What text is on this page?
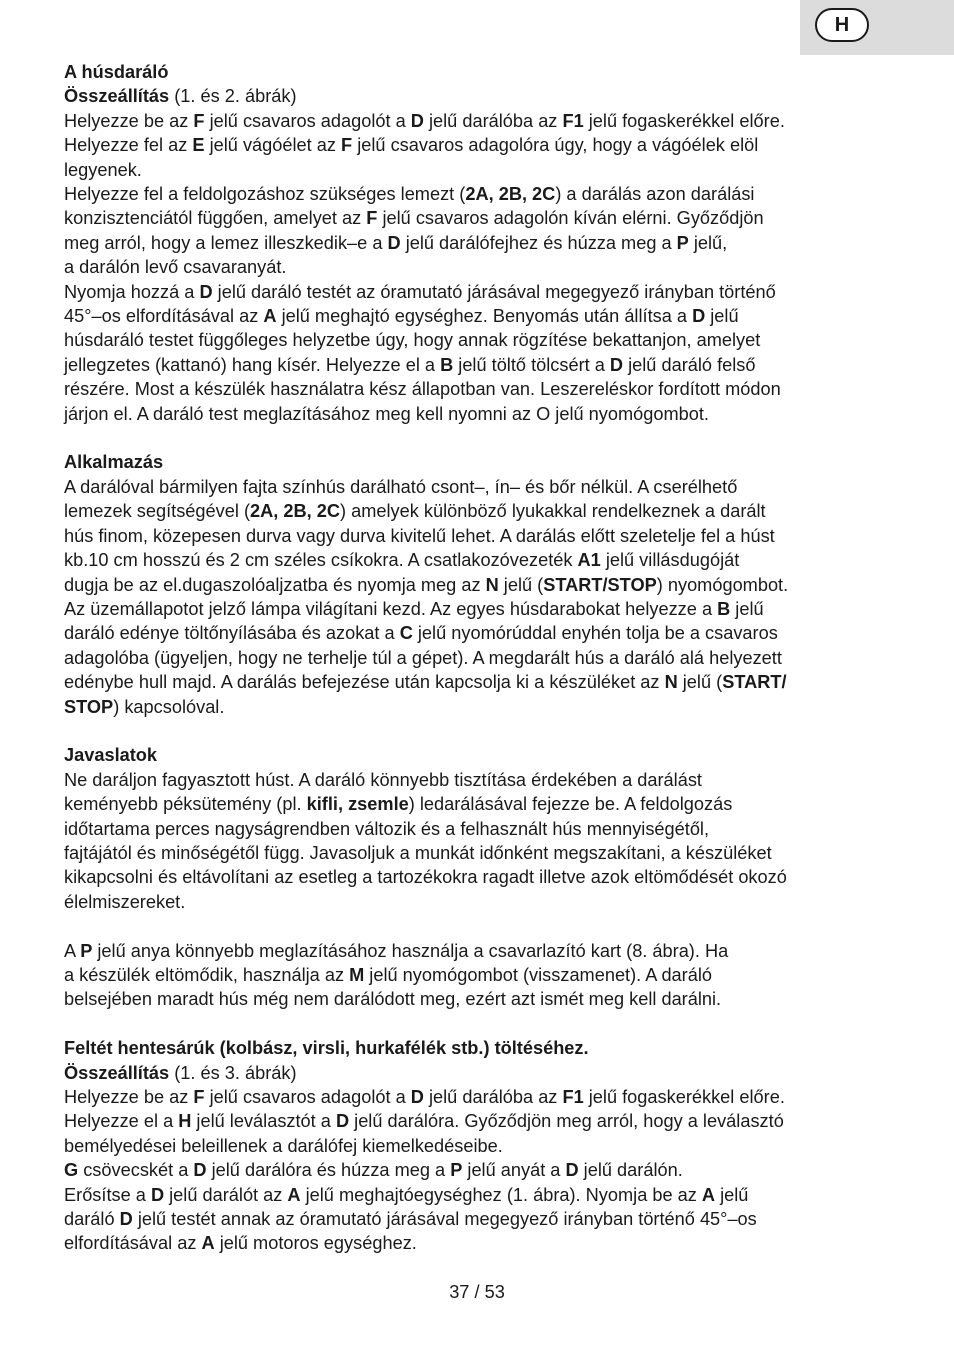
H

A húsdaráló

Összeállítás (1. és 2. ábrák)

Helyezze be az F jelű csavaros adagolót a D jelű darálóba az F1 jelű fogaskerékkel előre.

Helyezze fel az E jelű vágóélet az F jelű csavaros adagolóra úgy, hogy a vágóélek elöl

legyenek.

Helyezze fel a feldolgozáshoz szükséges lemezt (2A, 2B, 2C) a darálás azon darálási

konzisztenciától függően, amelyet az F jelű csavaros adagolón kíván elérni. Győződjön

meg arról, hogy a lemez illeszkedik–e a D jelű darálófejhez és húzza meg a P jelű,

a darálón levő csavaranyát.

Nyomja hozzá a D jelű daráló testét az óramutató járásával megegyező irányban történő

45°–os elfordításával az A jelű meghajtó egységhez. Benyomás után állítsa a D jelű

húsdaráló testet függőleges helyzetbe úgy, hogy annak rögzítése bekattanjon, amelyet

jellegzetes (kattanó) hang kísér. Helyezze el a B jelű töltő tölcsért a D jelű daráló felső

részére. Most a készülék használatra kész állapotban van. Leszereléskor fordított módon

járjon el. A daráló test meglazításához meg kell nyomni az O jelű nyomógombot.

Alkalmazás

A darálóval bármilyen fajta színhús darálható csont–, ín– és bőr nélkül. A cserélhető

lemezek segítségével (2A, 2B, 2C) amelyek különböző lyukakkal rendelkeznek a darált

hús finom, közepesen durva vagy durva kivitelű lehet. A darálás előtt szeletelje fel a húst

kb.10 cm hosszú és 2 cm széles csíkokra. A csatlakozóvezeték A1 jelű villásdugóját

dugja be az el.dugaszolóaljzatba és nyomja meg az N jelű (START/STOP) nyomógombot.

Az üzemállapotot jelző lámpa világítani kezd. Az egyes húsdarabokat helyezze a B jelű

daráló edénye töltőnyílásába és azokat a C jelű nyomórúddal enyhén tolja be a csavaros

adagolóba (ügyeljen, hogy ne terhelje túl a gépet). A megdarált hús a daráló alá helyezett

edénybe hull majd. A darálás befejezése után kapcsolja ki a készüléket az N jelű (START/

STOP) kapcsolóval.

Javaslatok

Ne daráljon fagyasztott húst. A daráló könnyebb tisztítása érdekében a darálást

keményebb péksütemény (pl. kifli, zsemle) ledarálásával fejezze be. A feldolgozás

időtartama perces nagyságrendben változik és a felhasznált hús mennyiségétől,

fajtájától és minőségétől függ. Javasoljuk a munkát időnként megszakítani, a készüléket

kikapcsolni és eltávolítani az esetleg a tartozékokra ragadt illetve azok eltömődését okozó

élelmiszereket.

A P jelű anya könnyebb meglazításához használja a csavarlazító kart (8. ábra). Ha

a készülék eltömődik, használja az M jelű nyomógombot (visszamenet). A daráló

belsejében maradt hús még nem darálódott meg, ezért azt ismét meg kell darálni.

Feltét hentesárúk (kolbász, virsli, hurkafélék stb.) töltéséhez.

Összeállítás (1. és 3. ábrák)

Helyezze be az F jelű csavaros adagolót a D jelű darálóba az F1 jelű fogaskerékkel előre.

Helyezze el a H jelű leválasztót a D jelű darálóra. Győződjön meg arról, hogy a leválasztó

bemélyedései beleillenek a darálófej kiemelkedéseibe.

G csövecskét a D jelű darálóra és húzza meg a P jelű anyát a D jelű darálón.

Erősítse a D jelű darálót az A jelű meghajtóegységhez (1. ábra). Nyomja be az A jelű

daráló D jelű testét annak az óramutató járásával megegyező irányban történő 45°–os

elfordításával az A jelű motoros egységhez.

37 / 53
